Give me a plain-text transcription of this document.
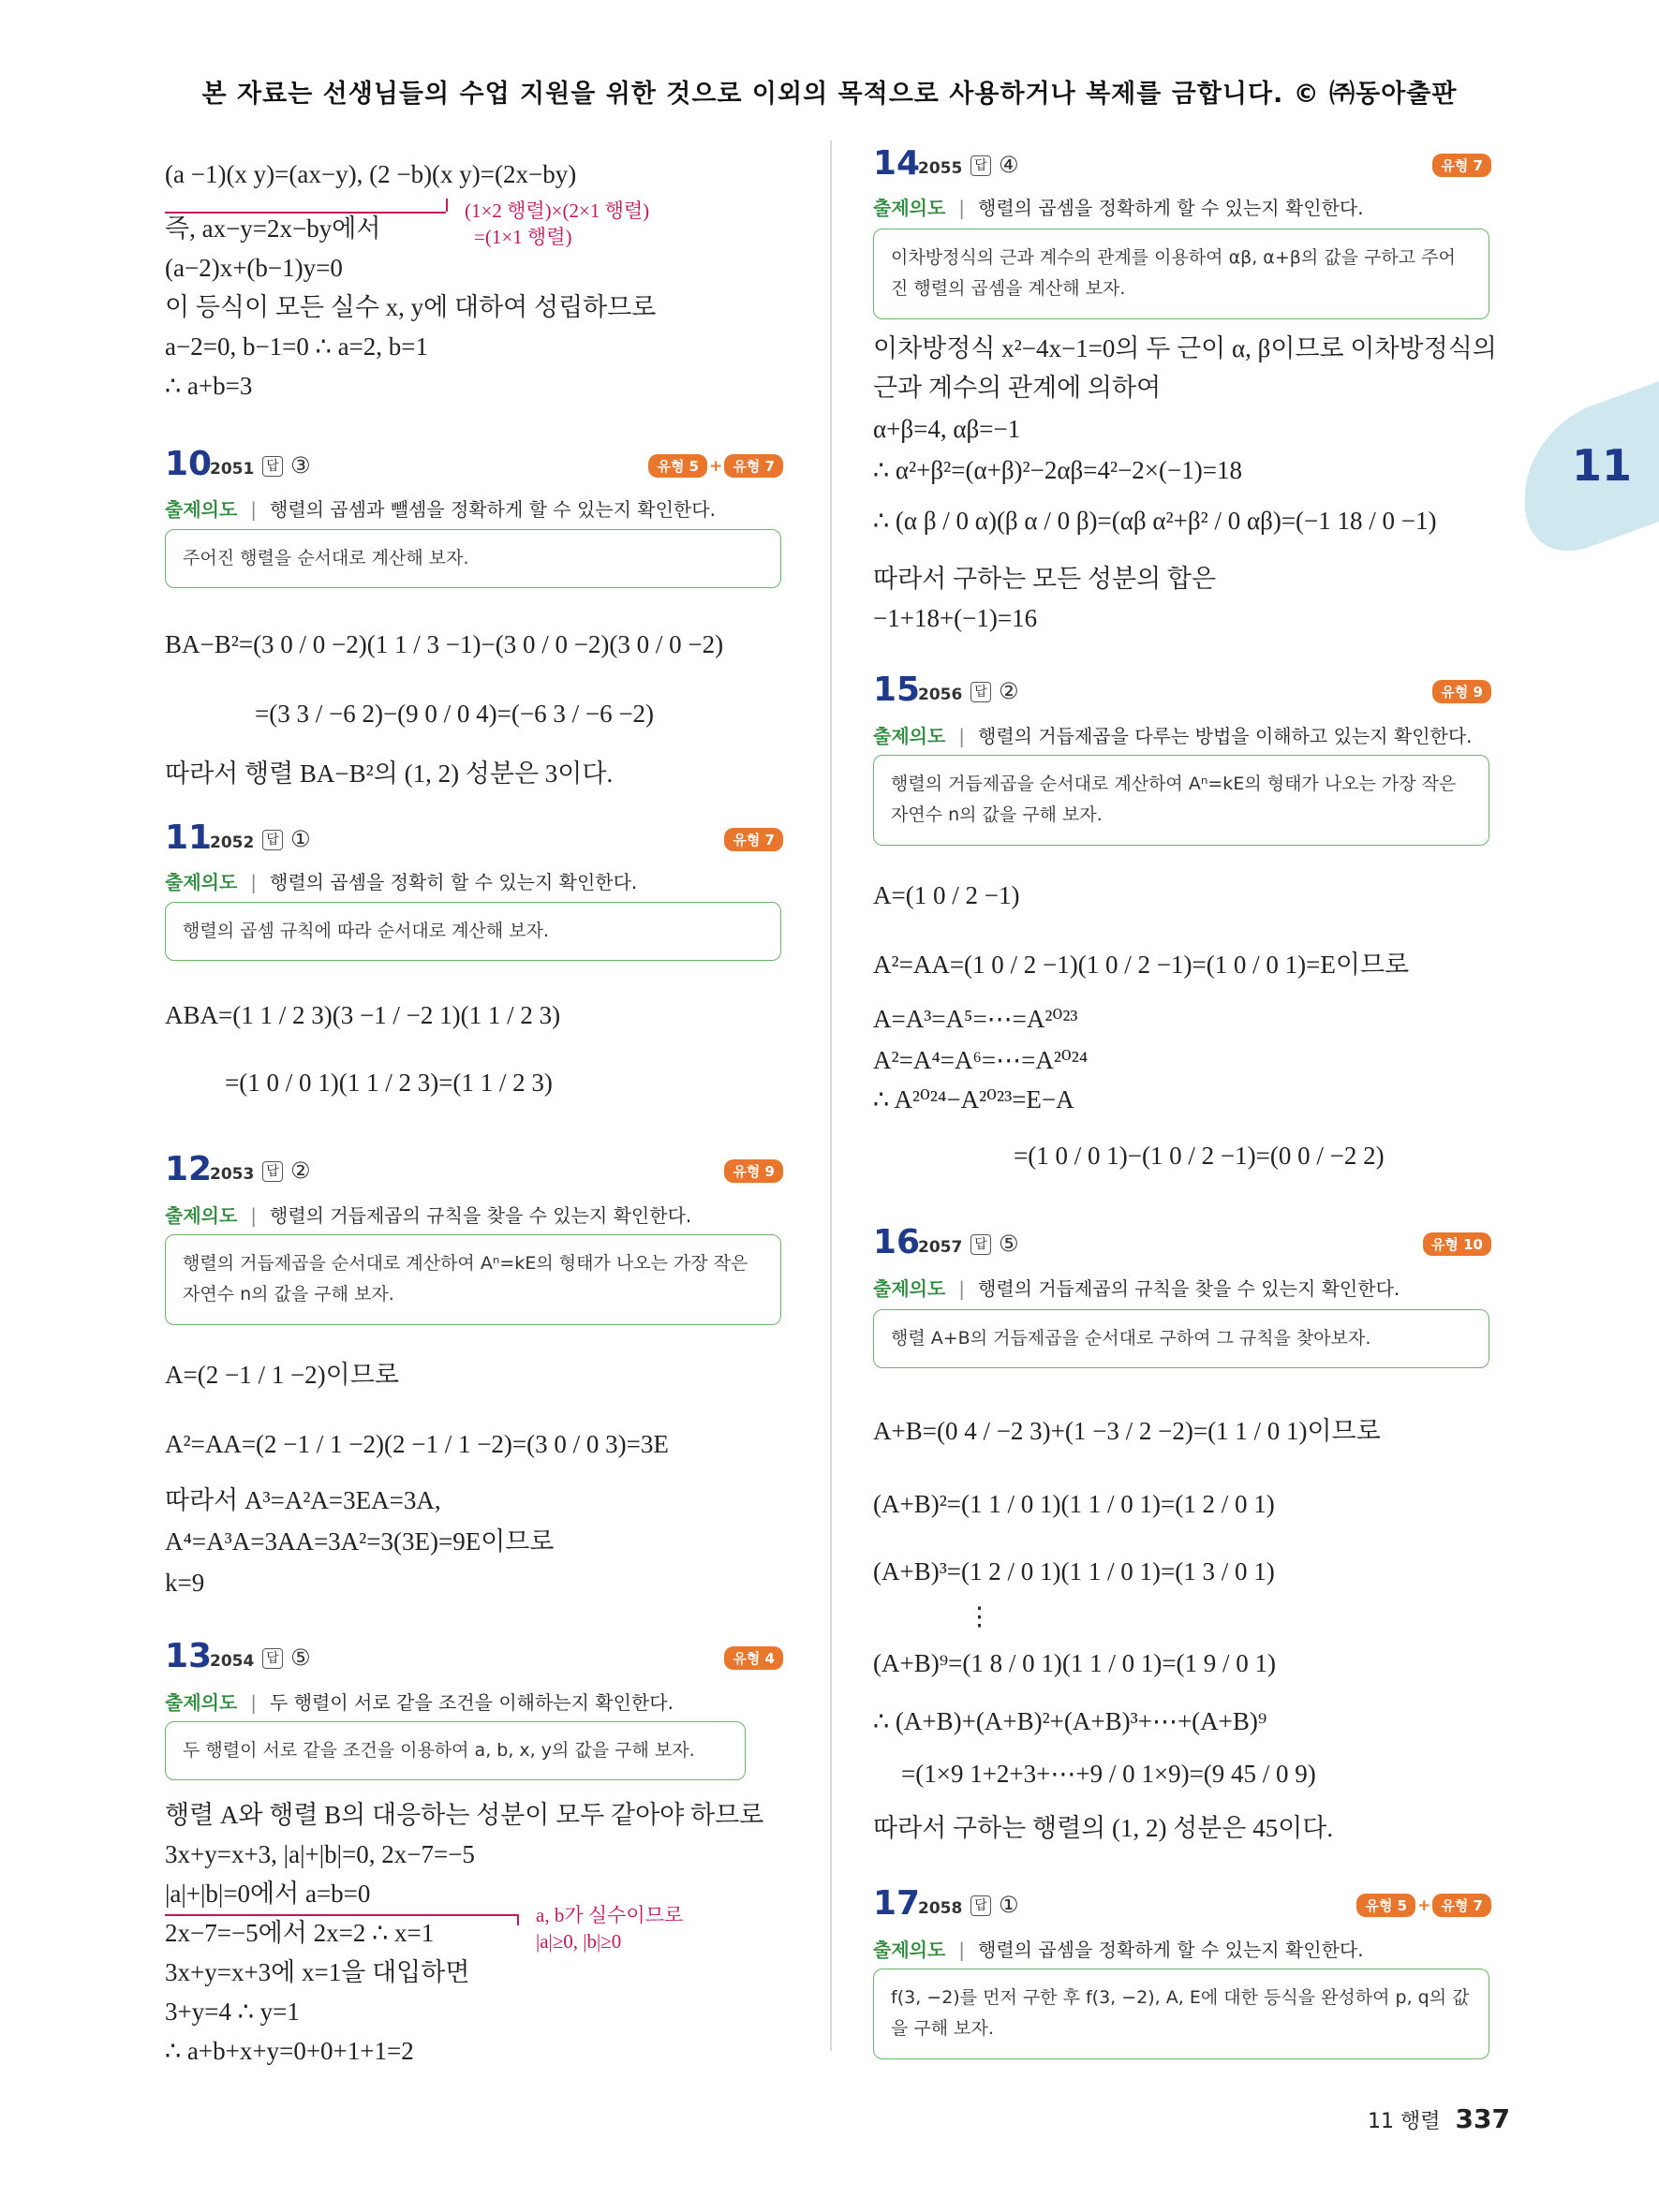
본 자료는 선생님들의 수업 지원을 위한 것으로 이외의 목적으로 사용하거나 복제를 금합니다. © ㈜동아출판
11
(a −1)(x y)=(ax−y), (2 −b)(x y)=(2x−by)
(1×2 행렬)×(2×1 행렬)
=(1×1 행렬)
즉, ax−y=2x−by에서
(a−2)x+(b−1)y=0
이 등식이 모든 실수 x, y에 대하여 성립하므로
a−2=0, b−1=0 ∴ a=2, b=1
∴ a+b=3
10
2051 답 ③	유형 5 + 유형 7
출제의도 | 행렬의 곱셈과 뺄셈을 정확하게 할 수 있는지 확인한다.
주어진 행렬을 순서대로 계산해 보자.
BA−B²=(3 0 / 0 −2)(1 1 / 3 −1)−(3 0 / 0 −2)(3 0 / 0 −2)
=(3 3 / −6 2)−(9 0 / 0 4)=(−6 3 / −6 −2)
따라서 행렬 BA−B²의 (1, 2) 성분은 3이다.
11
2052 답 ①	유형 7
출제의도 | 행렬의 곱셈을 정확히 할 수 있는지 확인한다.
행렬의 곱셈 규칙에 따라 순서대로 계산해 보자.
ABA=(1 1 / 2 3)(3 −1 / −2 1)(1 1 / 2 3)
=(1 0 / 0 1)(1 1 / 2 3)=(1 1 / 2 3)
12
2053 답 ②	유형 9
출제의도 | 행렬의 거듭제곱의 규칙을 찾을 수 있는지 확인한다.
행렬의 거듭제곱을 순서대로 계산하여 Aⁿ=kE의 형태가 나오는 가장 작은 자연수 n의 값을 구해 보자.
A=(2 −1 / 1 −2)이므로
A²=AA=(2 −1 / 1 −2)(2 −1 / 1 −2)=(3 0 / 0 3)=3E
따라서 A³=A²A=3EA=3A,
A⁴=A³A=3AA=3A²=3(3E)=9E이므로
k=9
13
2054 답 ⑤	유형 4
출제의도 | 두 행렬이 서로 같을 조건을 이해하는지 확인한다.
두 행렬이 서로 같을 조건을 이용하여 a, b, x, y의 값을 구해 보자.
행렬 A와 행렬 B의 대응하는 성분이 모두 같아야 하므로
3x+y=x+3, |a|+|b|=0, 2x−7=−5
|a|+|b|=0에서 a=b=0
a, b가 실수이므로
|a|≥0, |b|≥0
2x−7=−5에서 2x=2 ∴ x=1
3x+y=x+3에 x=1을 대입하면
3+y=4 ∴ y=1
∴ a+b+x+y=0+0+1+1=2
14
2055 답 ④	유형 7
출제의도 | 행렬의 곱셈을 정확하게 할 수 있는지 확인한다.
이차방정식의 근과 계수의 관계를 이용하여 αβ, α+β의 값을 구하고 주어진 행렬의 곱셈을 계산해 보자.
이차방정식 x²−4x−1=0의 두 근이 α, β이므로 이차방정식의
근과 계수의 관계에 의하여
α+β=4, αβ=−1
∴ α²+β²=(α+β)²−2αβ=4²−2×(−1)=18
∴ (α β / 0 α)(β α / 0 β)=(αβ α²+β² / 0 αβ)=(−1 18 / 0 −1)
따라서 구하는 모든 성분의 합은
−1+18+(−1)=16
15
2056 답 ②	유형 9
출제의도 | 행렬의 거듭제곱을 다루는 방법을 이해하고 있는지 확인한다.
행렬의 거듭제곱을 순서대로 계산하여 Aⁿ=kE의 형태가 나오는 가장 작은 자연수 n의 값을 구해 보자.
A=(1 0 / 2 −1)
A²=AA=(1 0 / 2 −1)(1 0 / 2 −1)=(1 0 / 0 1)=E이므로
A=A³=A⁵=⋯=A²⁰²³
A²=A⁴=A⁶=⋯=A²⁰²⁴
∴ A²⁰²⁴−A²⁰²³=E−A
=(1 0 / 0 1)−(1 0 / 2 −1)=(0 0 / −2 2)
16
2057 답 ⑤	유형 10
출제의도 | 행렬의 거듭제곱의 규칙을 찾을 수 있는지 확인한다.
행렬 A+B의 거듭제곱을 순서대로 구하여 그 규칙을 찾아보자.
A+B=(0 4 / −2 3)+(1 −3 / 2 −2)=(1 1 / 0 1)이므로
(A+B)²=(1 1 / 0 1)(1 1 / 0 1)=(1 2 / 0 1)
(A+B)³=(1 2 / 0 1)(1 1 / 0 1)=(1 3 / 0 1)
⋮
(A+B)⁹=(1 8 / 0 1)(1 1 / 0 1)=(1 9 / 0 1)
∴ (A+B)+(A+B)²+(A+B)³+⋯+(A+B)⁹
=(1×9 1+2+3+⋯+9 / 0 1×9)=(9 45 / 0 9)
따라서 구하는 행렬의 (1, 2) 성분은 45이다.
17
2058 답 ①	유형 5 + 유형 7
출제의도 | 행렬의 곱셈을 정확하게 할 수 있는지 확인한다.
f(3, −2)를 먼저 구한 후 f(3, −2), A, E에 대한 등식을 완성하여 p, q의 값을 구해 보자.
11 행렬 337
